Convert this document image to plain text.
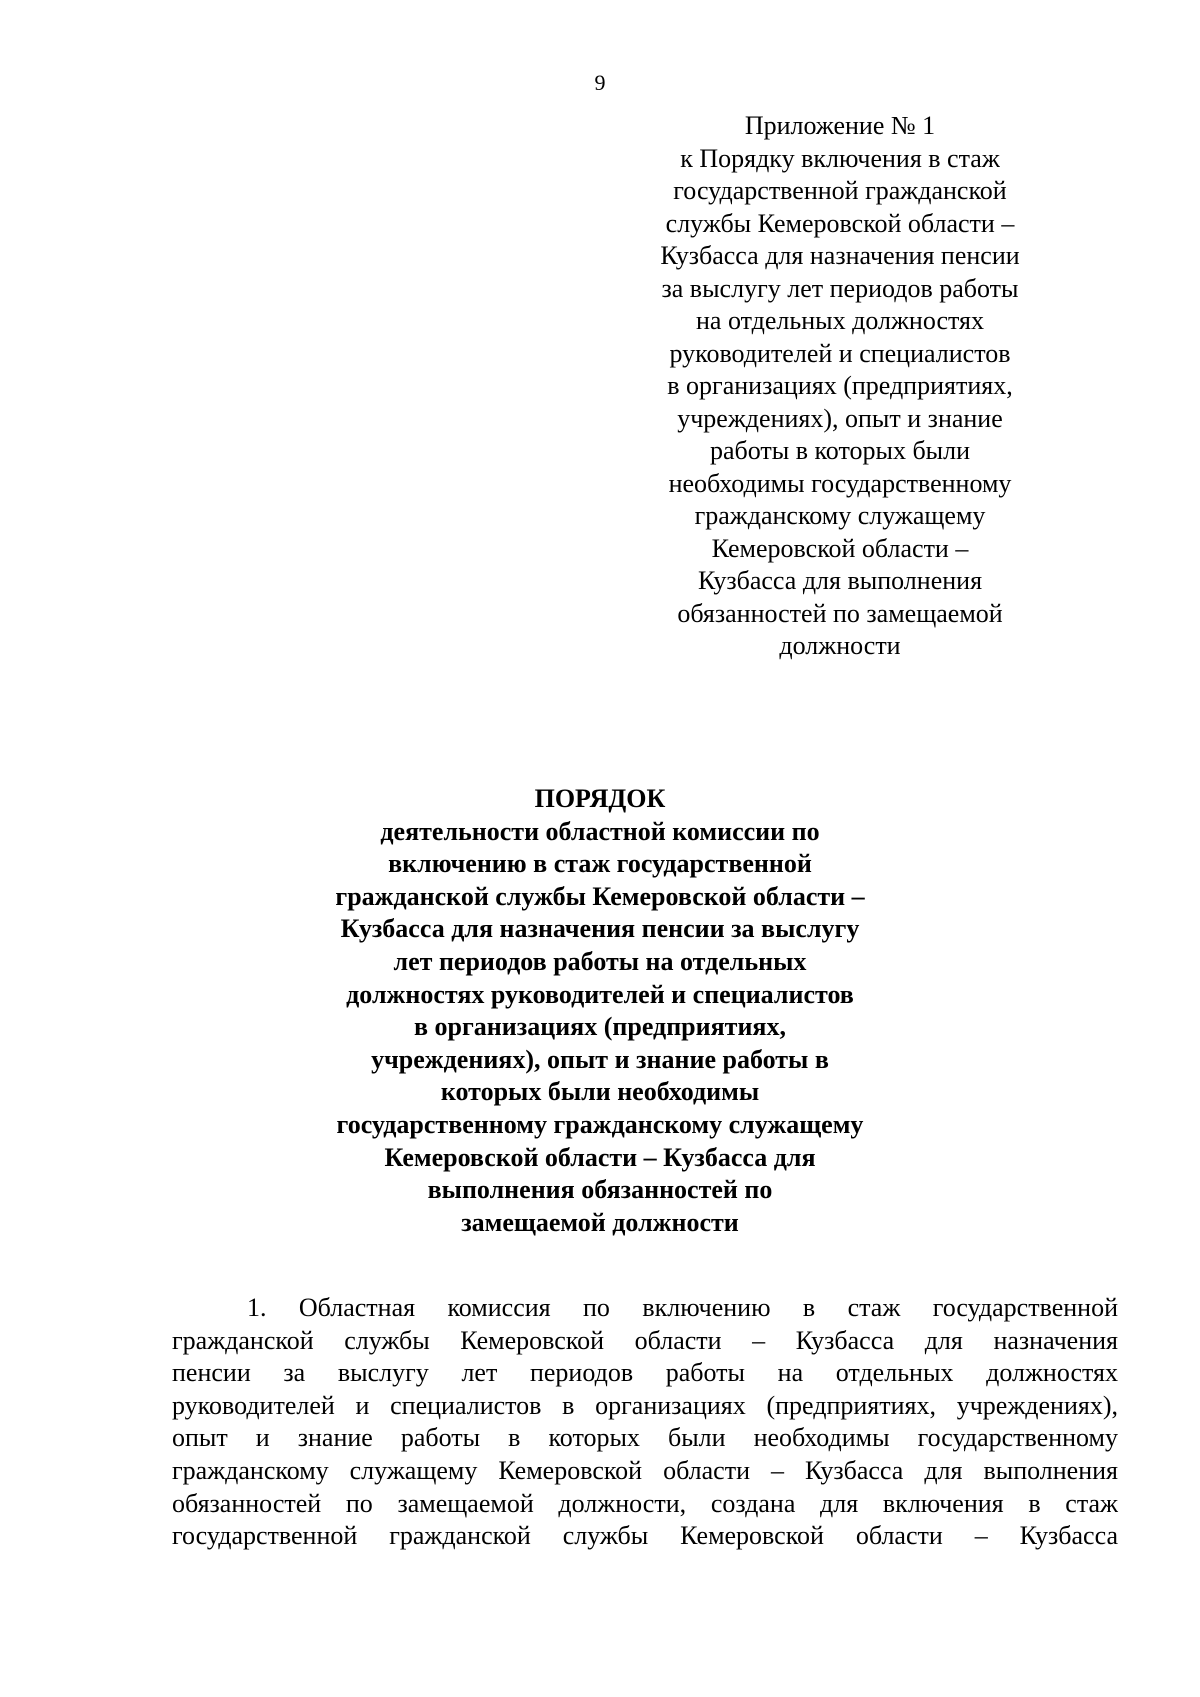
9
Приложение № 1
к Порядку включения в стаж
государственной гражданской
службы Кемеровской области –
Кузбасса для назначения пенсии
за выслугу лет периодов работы
на отдельных должностях
руководителей и специалистов
в организациях (предприятиях,
учреждениях), опыт и знание
работы в которых были
необходимы государственному
гражданскому служащему
Кемеровской области –
Кузбасса для выполнения
обязанностей по замещаемой
должности
ПОРЯДОК
деятельности областной комиссии по
включению в стаж государственной
гражданской службы Кемеровской области –
Кузбасса для назначения пенсии за выслугу
лет периодов работы на отдельных
должностях руководителей и специалистов
в организациях (предприятиях,
учреждениях), опыт и знание работы в
которых были необходимы
государственному гражданскому служащему
Кемеровской области – Кузбасса для
выполнения обязанностей по
замещаемой должности
1. Областная комиссия по включению в стаж государственной
гражданской службы Кемеровской области – Кузбасса для назначения
пенсии за выслугу лет периодов работы на отдельных должностях
руководителей и специалистов в организациях (предприятиях, учреждениях),
опыт и знание работы в которых были необходимы государственному
гражданскому служащему Кемеровской области – Кузбасса для выполнения
обязанностей по замещаемой должности, создана для включения в стаж
государственной гражданской службы Кемеровской области – Кузбасса
